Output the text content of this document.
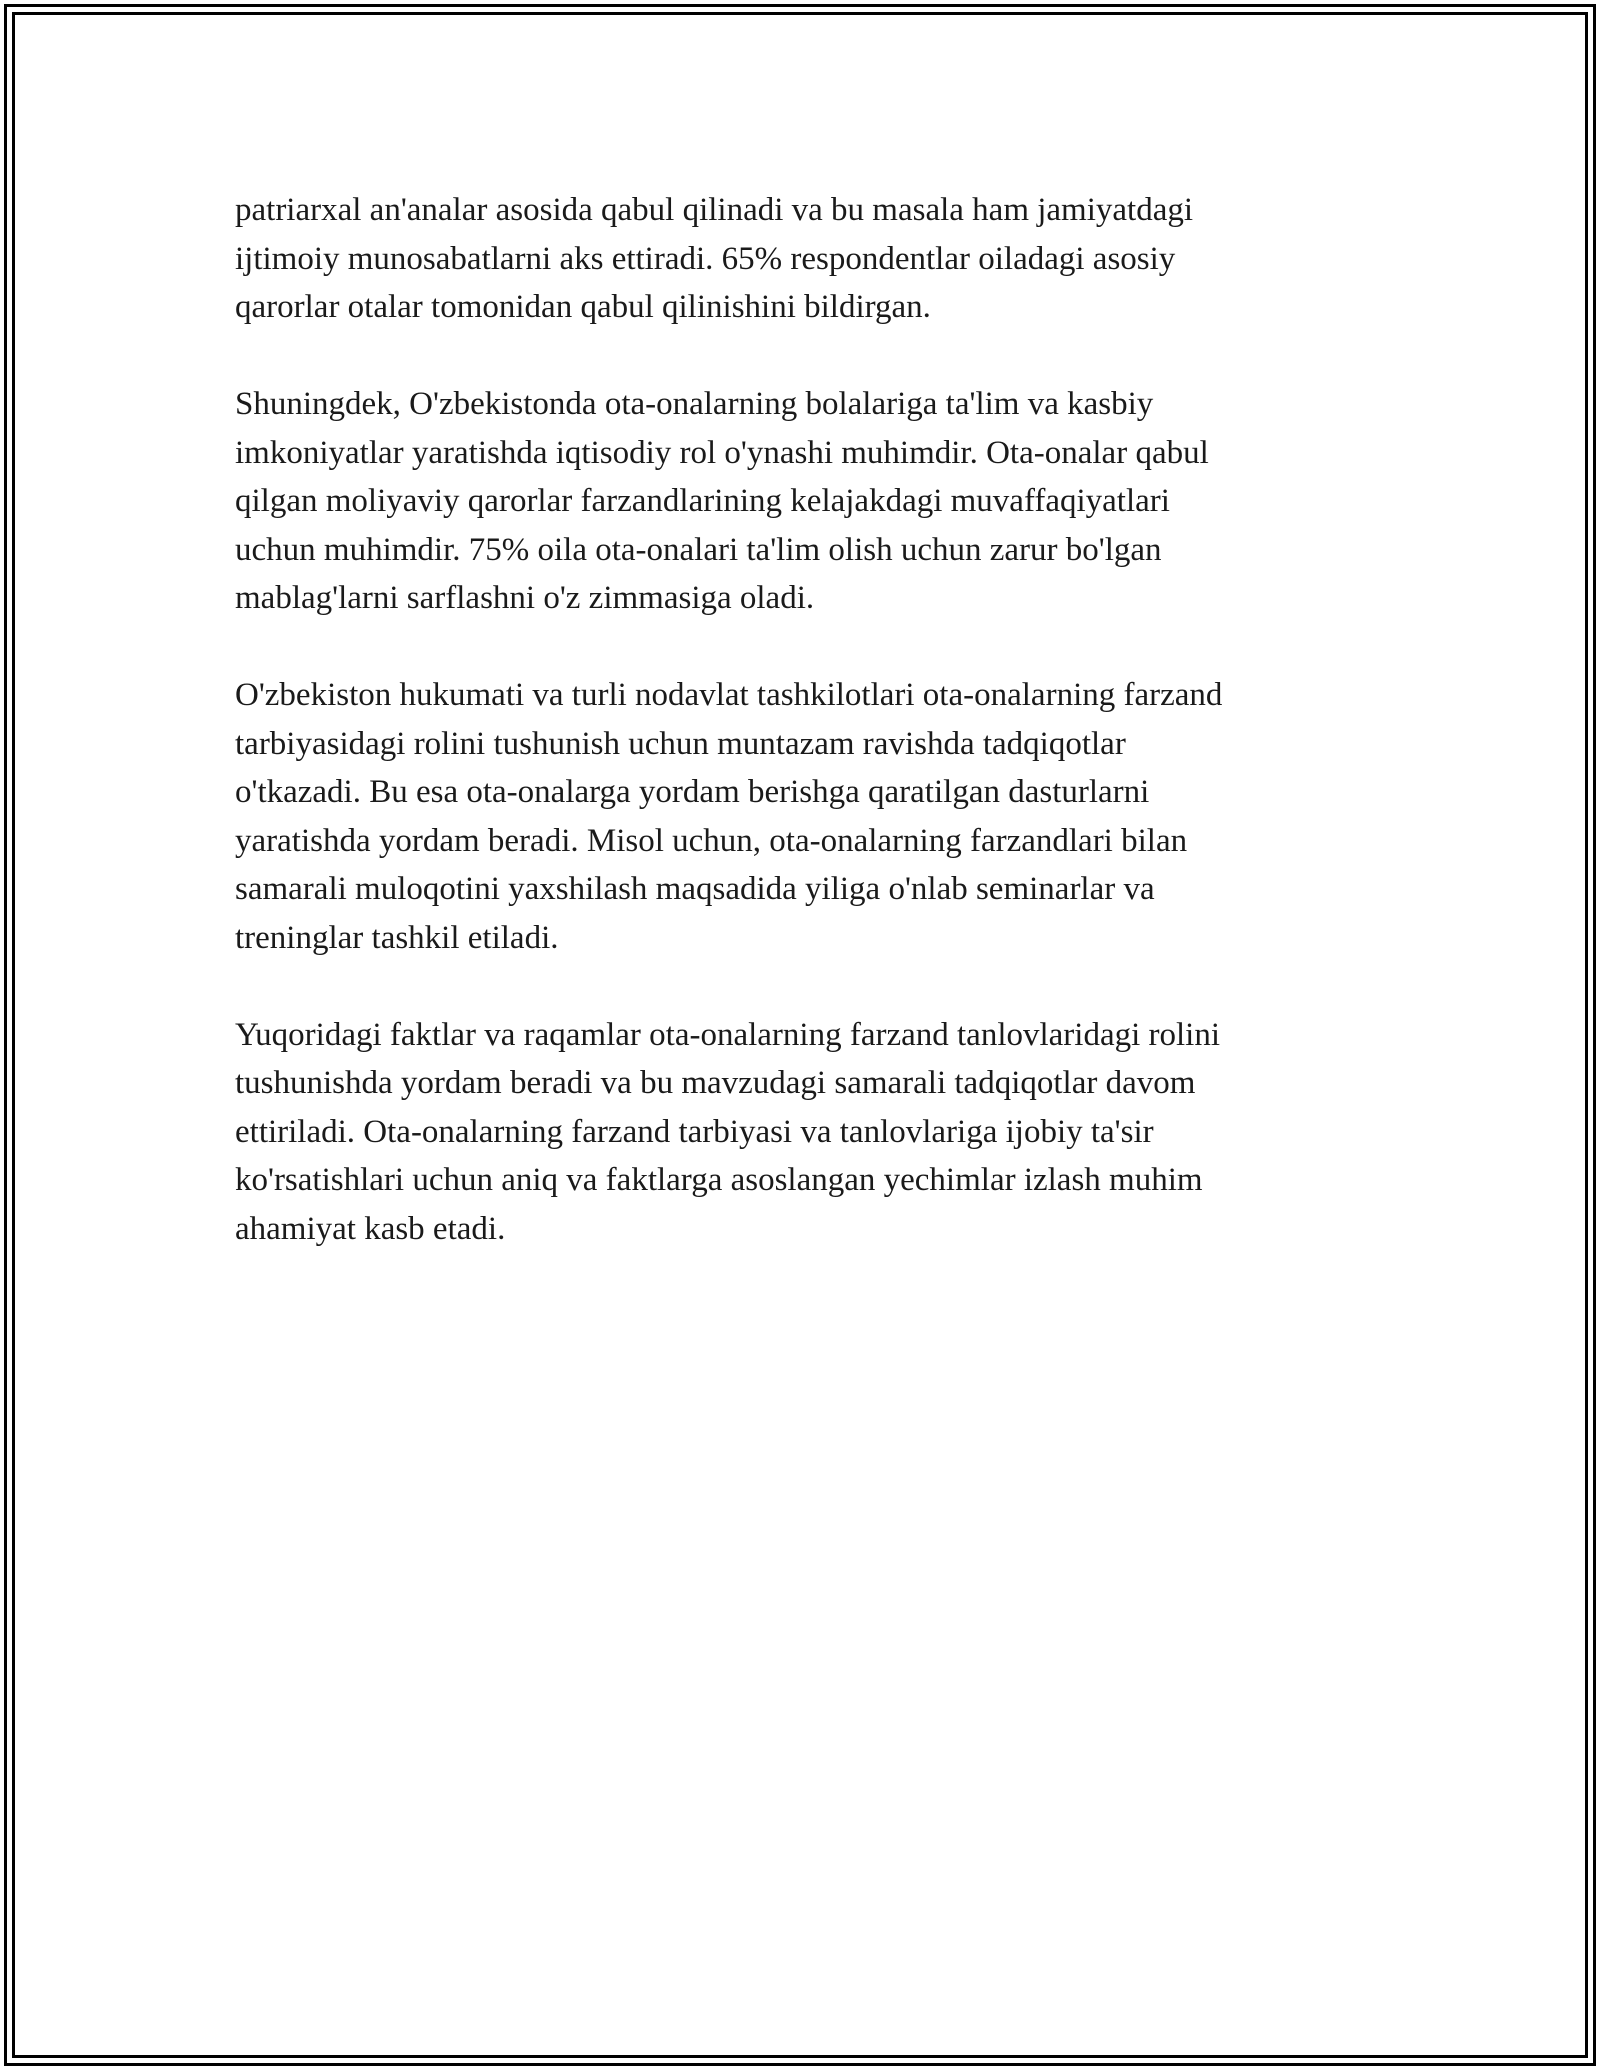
patriarxal an'analar asosida qabul qilinadi va bu masala ham jamiyatdagi
ijtimoiy munosabatlarni aks ettiradi. 65% respondentlar oiladagi asosiy
qarorlar otalar tomonidan qabul qilinishini bildirgan.

Shuningdek, O'zbekistonda ota-onalarning bolalariga ta'lim va kasbiy
imkoniyatlar yaratishda iqtisodiy rol o'ynashi muhimdir. Ota-onalar qabul
qilgan moliyaviy qarorlar farzandlarining kelajakdagi muvaffaqiyatlari
uchun muhimdir. 75% oila ota-onalari ta'lim olish uchun zarur bo'lgan
mablag'larni sarflashni o'z zimmasiga oladi.

O'zbekiston hukumati va turli nodavlat tashkilotlari ota-onalarning farzand
tarbiyasidagi rolini tushunish uchun muntazam ravishda tadqiqotlar
o'tkazadi. Bu esa ota-onalarga yordam berishga qaratilgan dasturlarni
yaratishda yordam beradi. Misol uchun, ota-onalarning farzandlari bilan
samarali muloqotini yaxshilash maqsadida yiliga o'nlab seminarlar va
treninglar tashkil etiladi.

Yuqoridagi faktlar va raqamlar ota-onalarning farzand tanlovlaridagi rolini
tushunishda yordam beradi va bu mavzudagi samarali tadqiqotlar davom
ettiriladi. Ota-onalarning farzand tarbiyasi va tanlovlariga ijobiy ta'sir
ko'rsatishlari uchun aniq va faktlarga asoslangan yechimlar izlash muhim
ahamiyat kasb etadi.
